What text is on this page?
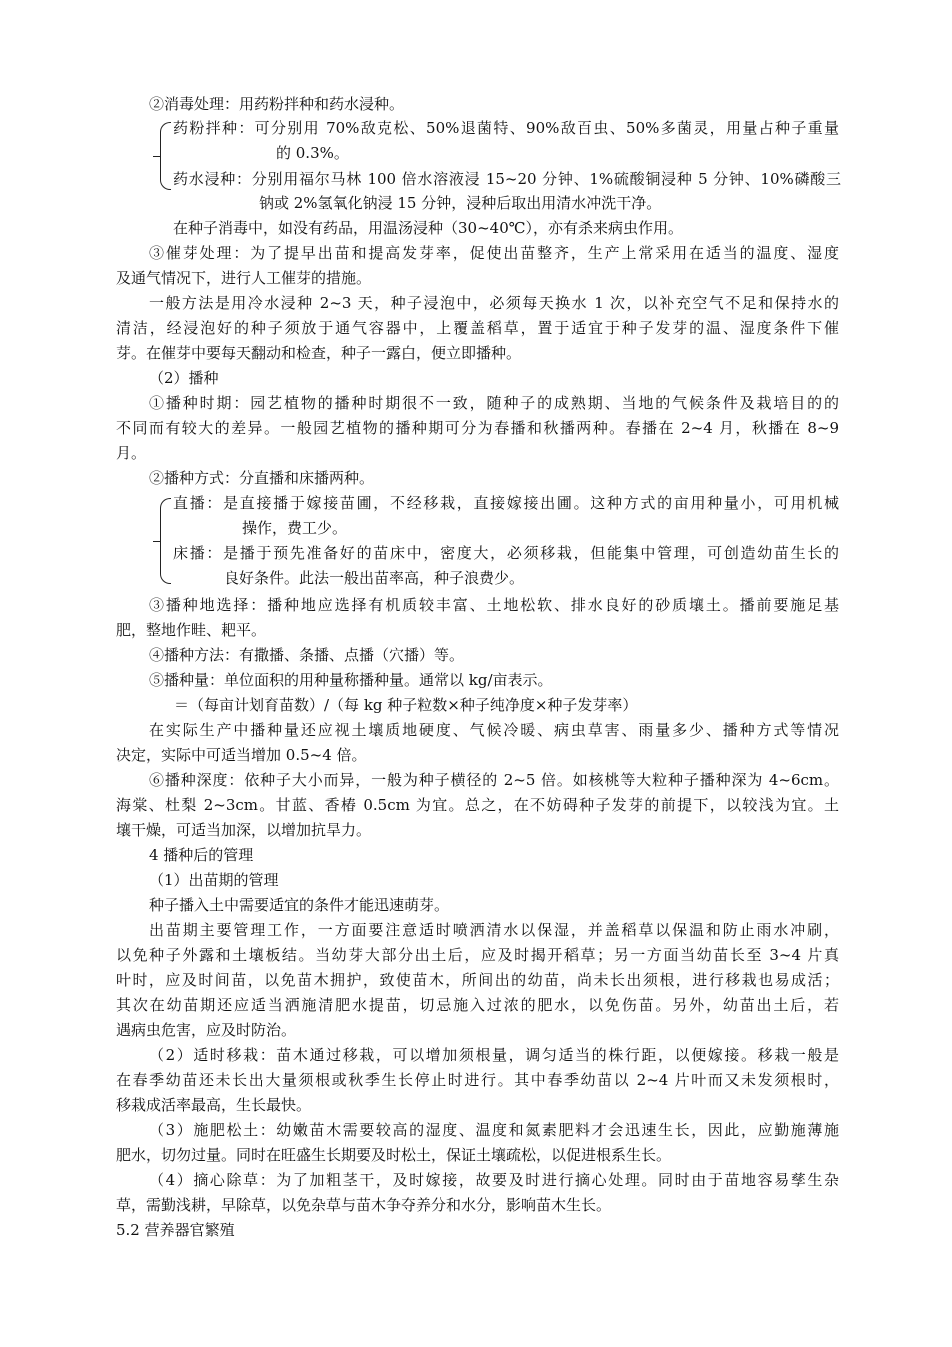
②消毒处理：用药粉拌种和药水浸种。
药粉拌种：可分别用 70%敌克松、50%退菌特、90%敌百虫、50%多菌灵，用量占种子重量
的 0.3%。
药水浸种：分别用福尔马林 100 倍水溶液浸 15~20 分钟、1%硫酸铜浸种 5 分钟、10%磷酸三
钠或 2%氢氧化钠浸 15 分钟，浸种后取出用清水冲洗干净。
在种子消毒中，如没有药品，用温汤浸种（30~40℃），亦有杀来病虫作用。
③催芽处理：为了提早出苗和提高发芽率，促使出苗整齐，生产上常采用在适当的温度、湿度
及通气情况下，进行人工催芽的措施。
一般方法是用冷水浸种 2~3 天，种子浸泡中，必须每天换水 1 次，以补充空气不足和保持水的
清洁，经浸泡好的种子须放于通气容器中，上覆盖稻草，置于适宜于种子发芽的温、湿度条件下催
芽。在催芽中要每天翻动和检查，种子一露白，便立即播种。
（2）播种
①播种时期：园艺植物的播种时期很不一致，随种子的成熟期、当地的气候条件及栽培目的的
不同而有较大的差异。一般园艺植物的播种期可分为春播和秋播两种。春播在 2~4 月，秋播在 8~9
月。
②播种方式：分直播和床播两种。
直播：是直接播于嫁接苗圃，不经移栽，直接嫁接出圃。这种方式的亩用种量小，可用机械
操作，费工少。
床播：是播于预先准备好的苗床中，密度大，必须移栽，但能集中管理，可创造幼苗生长的
良好条件。此法一般出苗率高，种子浪费少。
③播种地选择：播种地应选择有机质较丰富、土地松软、排水良好的砂质壤土。播前要施足基
肥，整地作畦、耙平。
④播种方法：有撒播、条播、点播（穴播）等。
⑤播种量：单位面积的用种量称播种量。通常以 kg/亩表示。
＝（每亩计划育苗数）/（每 kg 种子粒数×种子纯净度×种子发芽率）
在实际生产中播种量还应视土壤质地硬度、气候冷暖、病虫草害、雨量多少、播种方式等情况
决定，实际中可适当增加 0.5~4 倍。
⑥播种深度：依种子大小而异，一般为种子横径的 2~5 倍。如核桃等大粒种子播种深为 4~6cm。
海棠、杜梨 2~3cm。甘蓝、香椿 0.5cm 为宜。总之，在不妨碍种子发芽的前提下，以较浅为宜。土
壤干燥，可适当加深，以增加抗旱力。
4 播种后的管理
（1）出苗期的管理
种子播入土中需要适宜的条件才能迅速萌芽。
出苗期主要管理工作，一方面要注意适时喷洒清水以保湿，并盖稻草以保温和防止雨水冲刷，
以免种子外露和土壤板结。当幼芽大部分出土后，应及时揭开稻草；另一方面当幼苗长至 3~4 片真
叶时，应及时间苗，以免苗木拥护，致使苗木，所间出的幼苗，尚未长出须根，进行移栽也易成活；
其次在幼苗期还应适当洒施清肥水提苗，切忌施入过浓的肥水，以免伤苗。另外，幼苗出土后，若
遇病虫危害，应及时防治。
（2）适时移栽：苗木通过移栽，可以增加须根量，调匀适当的株行距，以便嫁接。移栽一般是
在春季幼苗还未长出大量须根或秋季生长停止时进行。其中春季幼苗以 2~4 片叶而又未发须根时，
移栽成活率最高，生长最快。
（3）施肥松土：幼嫩苗木需要较高的湿度、温度和氮素肥料才会迅速生长，因此，应勤施薄施
肥水，切勿过量。同时在旺盛生长期要及时松土，保证土壤疏松，以促进根系生长。
（4）摘心除草：为了加粗茎干，及时嫁接，故要及时进行摘心处理。同时由于苗地容易孳生杂
草，需勤浅耕，早除草，以免杂草与苗木争夺养分和水分，影响苗木生长。
5.2 营养器官繁殖
